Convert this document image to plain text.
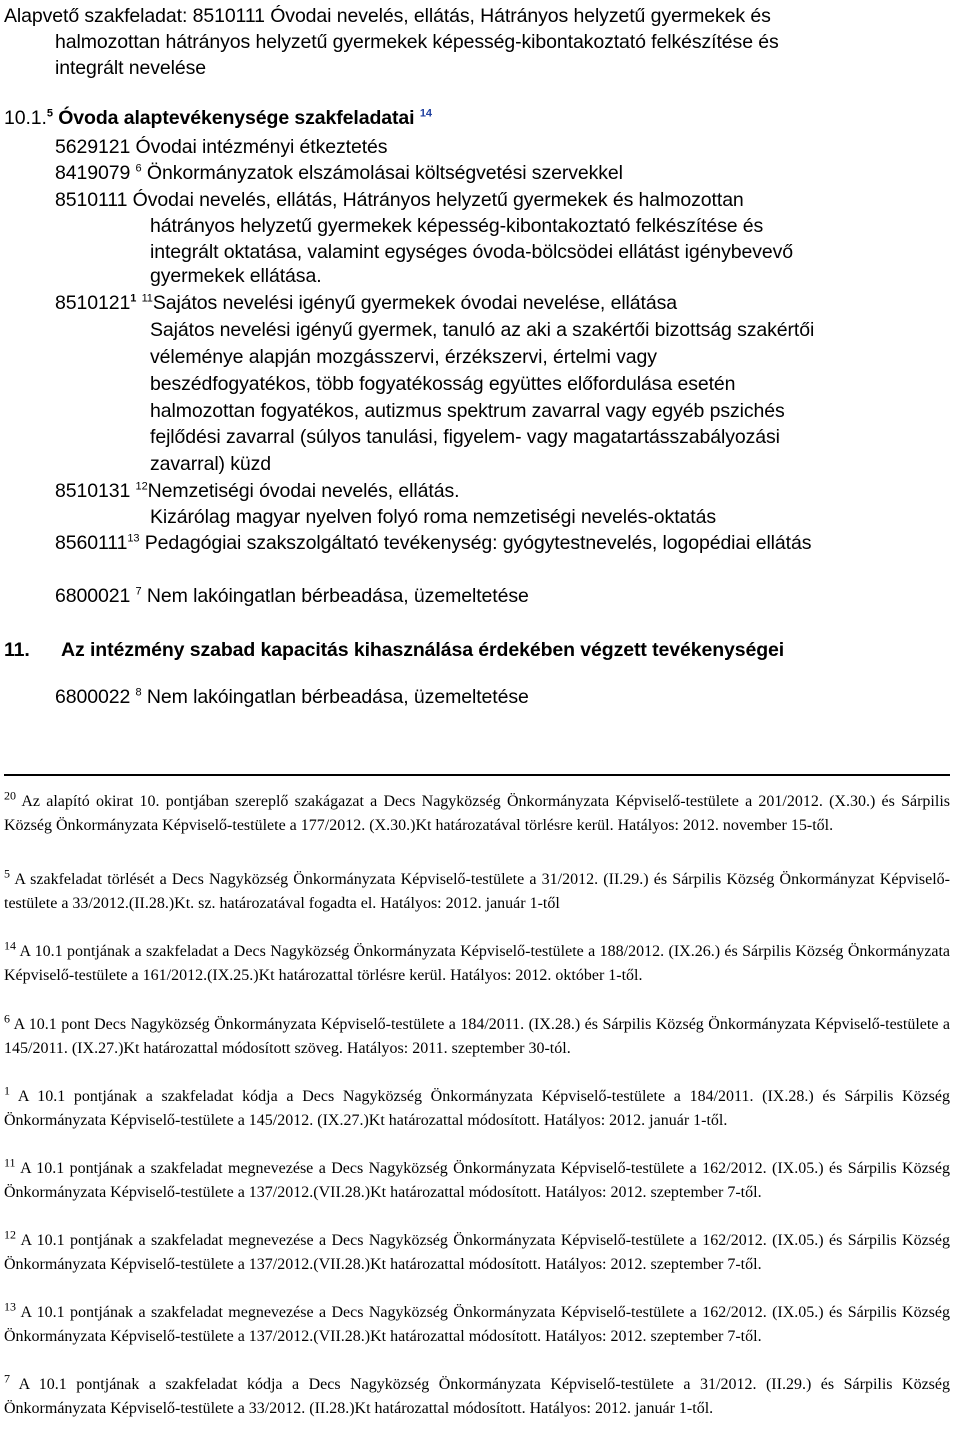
Alapvető szakfeladat: 8510111 Óvodai nevelés, ellátás, Hátrányos helyzetű gyermekek és
halmozottan hátrányos helyzetű gyermekek képesség-kibontakoztató felkészítése és
integrált nevelése
10.1.$^5$ Óvoda alaptevékenysége szakfeladatai $^{14}$
5629121 Óvodai intézményi étkeztetés
8419079 $^6$ Önkormányzatok elszámolásai költségvetési szervekkel
8510111 Óvodai nevelés, ellátás, Hátrányos helyzetű gyermekek és halmozottan
hátrányos helyzetű gyermekek képesség-kibontakoztató felkészítése és
integrált oktatása, valamint egységes óvoda-bölcsödei ellátást igénybevevő
gyermekek ellátása.
8510121$^1$ $^{11}$Sajátos nevelési igényű gyermekek óvodai nevelése, ellátása
Sajátos nevelési igényű gyermek, tanuló az aki a szakértői bizottság szakértői
véleménye alapján mozgásszervi, érzékszervi, értelmi vagy
beszédfogyatékos, több fogyatékosság együttes előfordulása esetén
halmozottan fogyatékos, autizmus spektrum zavarral vagy egyéb pszichés
fejlődési zavarral (súlyos tanulási, figyelem- vagy magatartásszabályozási
zavarral) küzd
8510131 $^{12}$Nemzetiségi óvodai nevelés, ellátás.
Kizárólag magyar nyelven folyó roma nemzetiségi nevelés-oktatás
8560111$^{13}$ Pedagógiai szakszolgáltató tevékenység: gyógytestnevelés, logopédiai ellátás
6800021 $^7$ Nem lakóingatlan bérbeadása, üzemeltetése
11. Az intézmény szabad kapacitás kihasználása érdekében végzett tevékenységei
6800022 $^8$ Nem lakóingatlan bérbeadása, üzemeltetése
$^{20}$ Az alapító okirat 10. pontjában szereplő szakágazat a Decs Nagyközség Önkormányzata Képviselő-testülete a 201/2012. (X.30.) és Sárpilis Község Önkormányzata Képviselő-testülete a 177/2012. (X.30.)Kt határozatával törlésre kerül. Hatályos: 2012. november 15-től.
$^5$ A szakfeladat törlését a Decs Nagyközség Önkormányzata Képviselő-testülete a 31/2012. (II.29.) és Sárpilis Község Önkormányzat Képviselő-testülete a 33/2012.(II.28.)Kt. sz. határozatával fogadta el. Hatályos: 2012. január 1-től
$^{14}$ A 10.1 pontjának a szakfeladat a Decs Nagyközség Önkormányzata Képviselő-testülete a 188/2012. (IX.26.) és Sárpilis Község Önkormányzata Képviselő-testülete a 161/2012.(IX.25.)Kt határozattal törlésre kerül. Hatályos: 2012. október 1-től.
$^6$ A 10.1 pont Decs Nagyközség Önkormányzata Képviselő-testülete a 184/2011. (IX.28.) és Sárpilis Község Önkormányzata Képviselő-testülete a 145/2011. (IX.27.)Kt határozattal módosított szöveg. Hatályos: 2011. szeptember 30-tól.
$^1$ A 10.1 pontjának a szakfeladat kódja a Decs Nagyközség Önkormányzata Képviselő-testülete a 184/2011. (IX.28.) és Sárpilis Község Önkormányzata Képviselő-testülete a 145/2012. (IX.27.)Kt határozattal módosított. Hatályos: 2012. január 1-től.
$^{11}$ A 10.1 pontjának a szakfeladat megnevezése a Decs Nagyközség Önkormányzata Képviselő-testülete a 162/2012. (IX.05.) és Sárpilis Község Önkormányzata Képviselő-testülete a 137/2012.(VII.28.)Kt határozattal módosított. Hatályos: 2012. szeptember 7-től.
$^{12}$ A 10.1 pontjának a szakfeladat megnevezése a Decs Nagyközség Önkormányzata Képviselő-testülete a 162/2012. (IX.05.) és Sárpilis Község Önkormányzata Képviselő-testülete a 137/2012.(VII.28.)Kt határozattal módosított. Hatályos: 2012. szeptember 7-től.
$^{13}$ A 10.1 pontjának a szakfeladat megnevezése a Decs Nagyközség Önkormányzata Képviselő-testülete a 162/2012. (IX.05.) és Sárpilis Község Önkormányzata Képviselő-testülete a 137/2012.(VII.28.)Kt határozattal módosított. Hatályos: 2012. szeptember 7-től.
$^7$ A 10.1 pontjának a szakfeladat kódja a Decs Nagyközség Önkormányzata Képviselő-testülete a 31/2012. (II.29.) és Sárpilis Község Önkormányzata Képviselő-testülete a 33/2012. (II.28.)Kt határozattal módosított. Hatályos: 2012. január 1-től.
